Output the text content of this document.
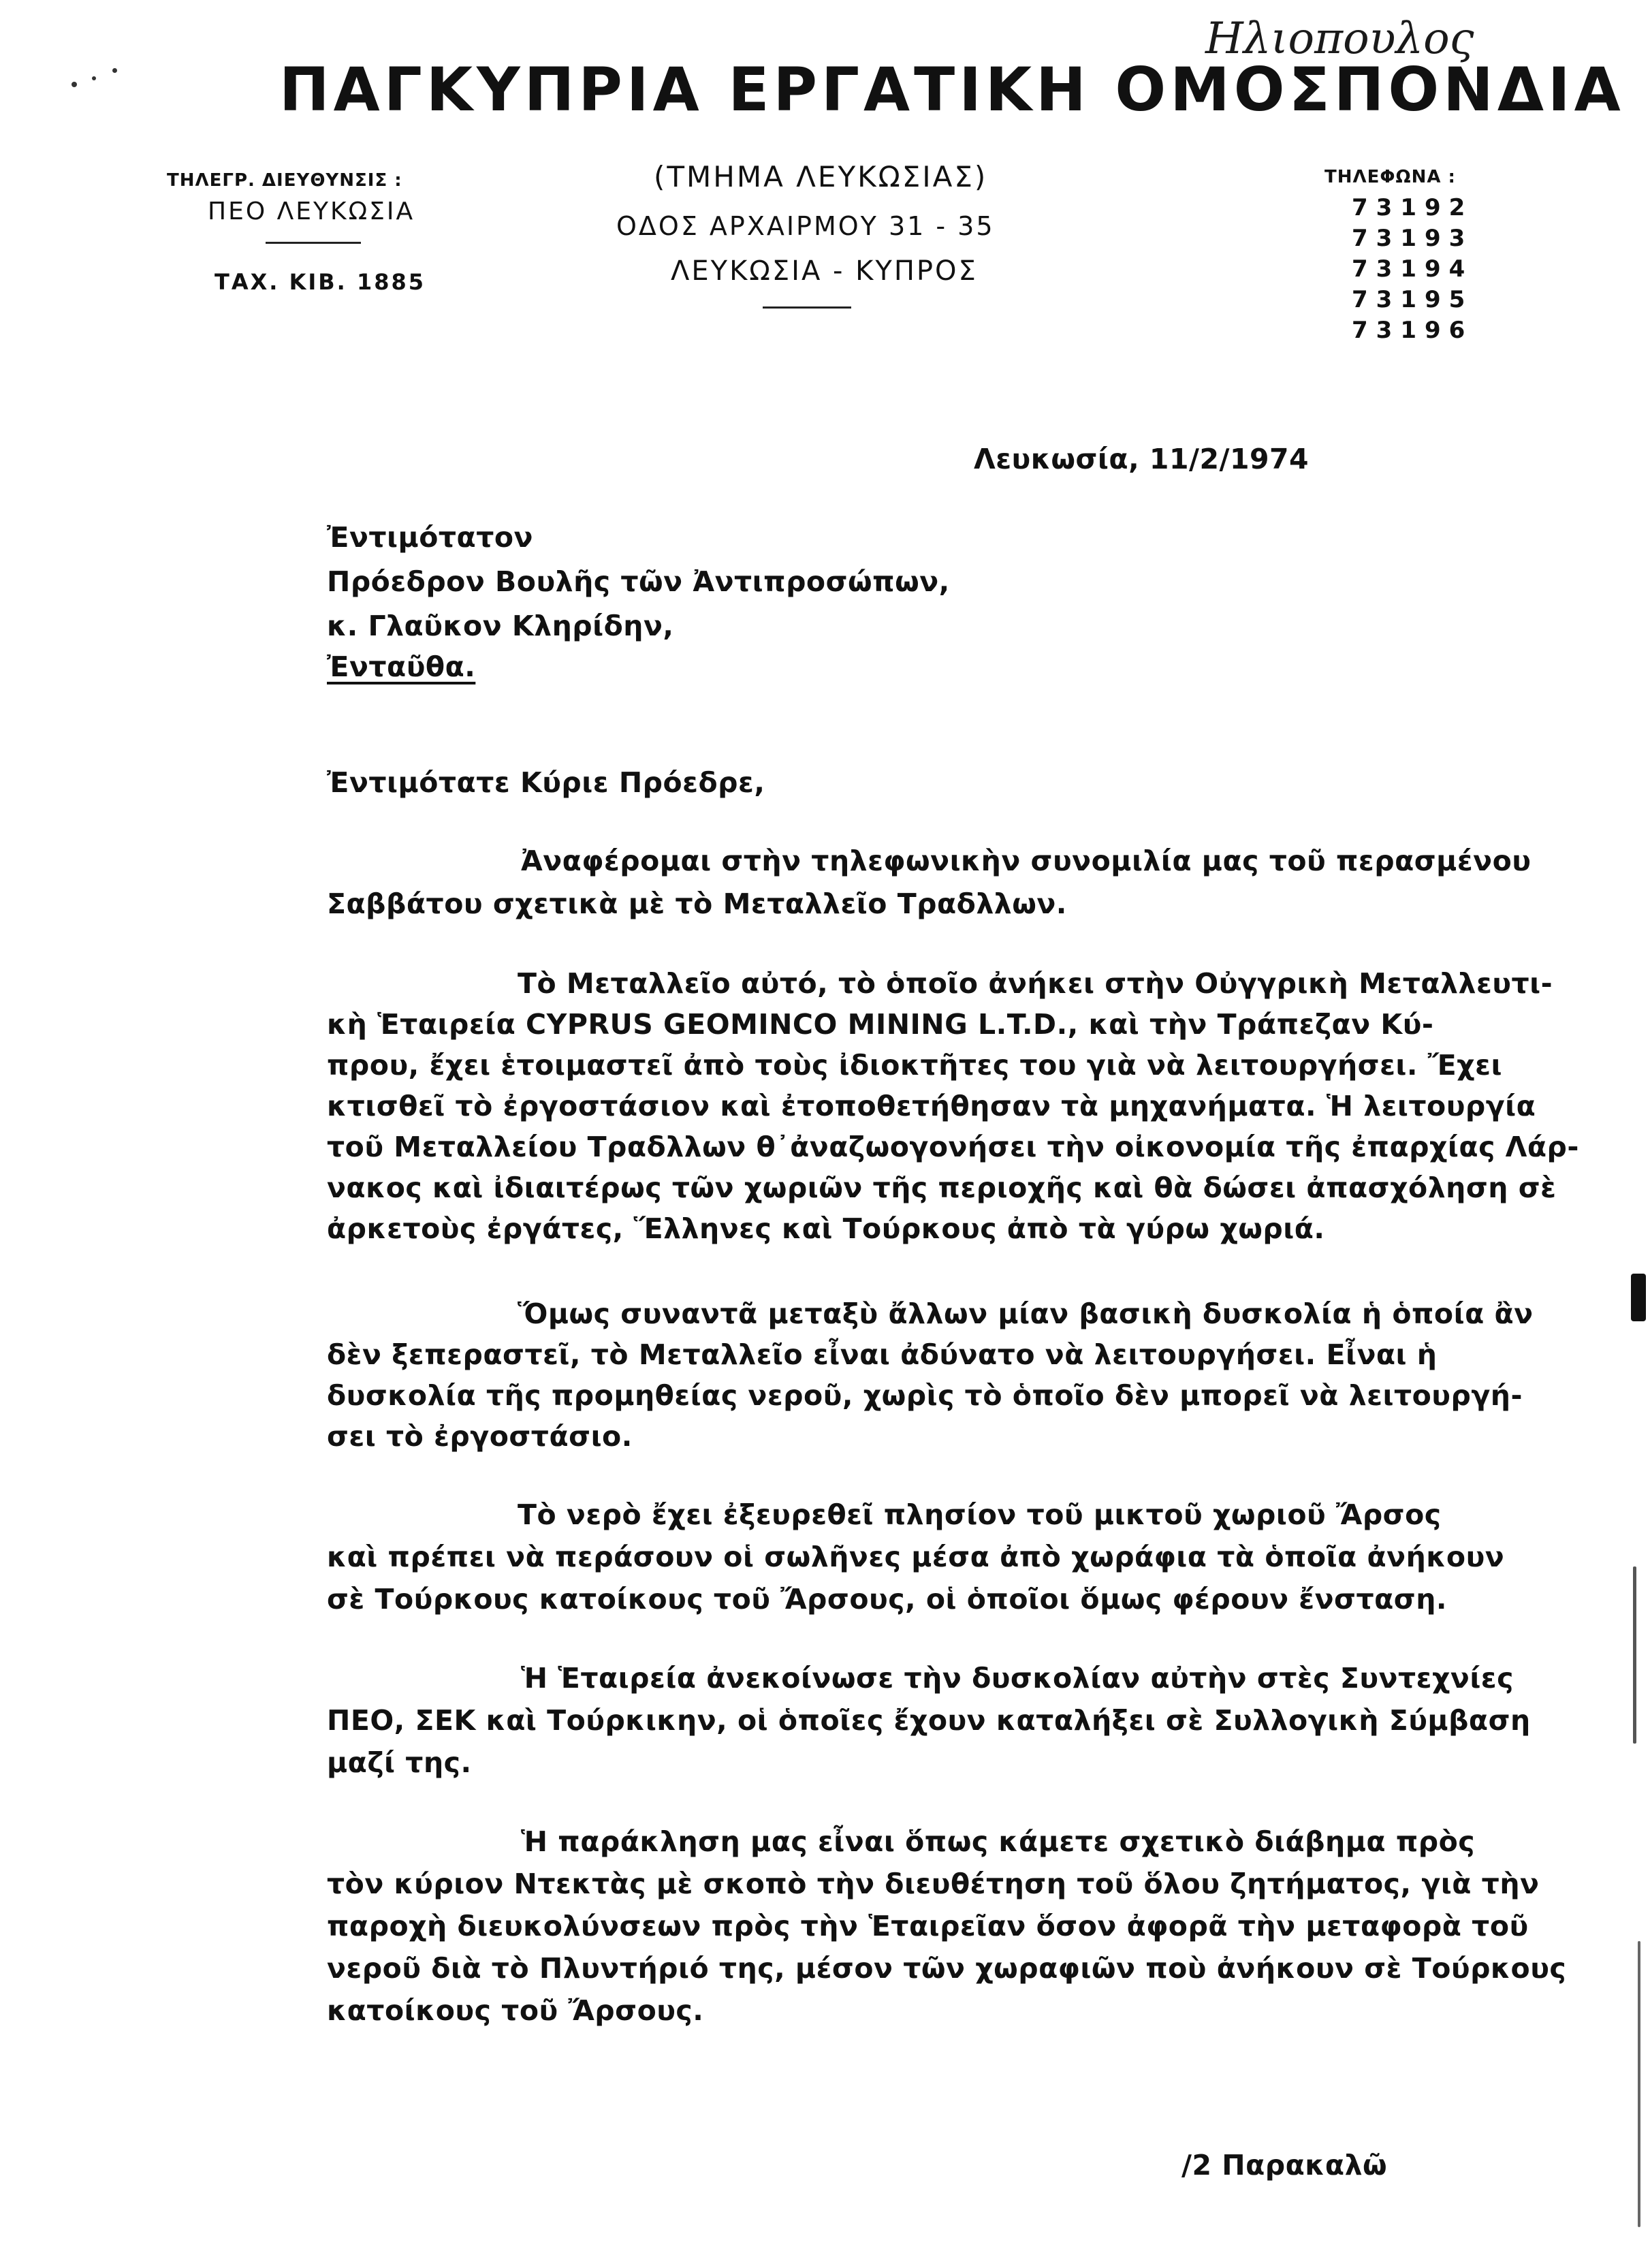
Ηλιοπουλος
ΠΑΓΚΥΠΡΙΑ ΕΡΓΑΤΙΚΗ ΟΜΟΣΠΟΝΔΙΑ
ΤΗΛΕΓΡ. ΔΙΕΥΘΥΝΣΙΣ :
ΠΕΟ ΛΕΥΚΩΣΙΑ
ΤΑΧ. ΚΙΒ. 1885
(ΤΜΗΜΑ ΛΕΥΚΩΣΙΑΣ)
ΟΔΟΣ ΑΡΧΑΙΡΜΟΥ 31 - 35
ΛΕΥΚΩΣΙΑ - ΚΥΠΡΟΣ
ΤΗΛΕΦΩΝΑ :
73192
73193
73194
73195
73196
Λευκωσία, 11/2/1974
Ἐντιμότατον
Πρόεδρον Βουλῆς τῶν Ἀντιπροσώπων,
κ. Γλαῦκον Κληρίδην,
Ἐνταῦθα.
Ἐντιμότατε Κύριε Πρόεδρε,
Ἀναφέρομαι στὴν τηλεφωνικὴν συνομιλία μας τοῦ περασμένου
Σαββάτου σχετικὰ μὲ τὸ Μεταλλεῖο Τραδλλων.
Τὸ Μεταλλεῖο αὐτό, τὸ ὁποῖο ἀνήκει στὴν Οὐγγρικὴ Μεταλλευτι-
κὴ Ἑταιρεία CYPRUS GEOMINCO MINING L.T.D., καὶ τὴν Τράπεζαν Κύ-
πρου, ἔχει ἑτοιμαστεῖ ἀπὸ τοὺς ἰδιοκτῆτες του γιὰ νὰ λειτουργήσει. Ἔχει
κτισθεῖ τὸ ἐργοστάσιον καὶ ἐτοποθετήθησαν τὰ μηχανήματα. Ἡ λειτουργία
τοῦ Μεταλλείου Τραδλλων θ᾽ἀναζωογονήσει τὴν οἰκονομία τῆς ἐπαρχίας Λάρ-
νακος καὶ ἰδιαιτέρως τῶν χωριῶν τῆς περιοχῆς καὶ θὰ δώσει ἀπασχόληση σὲ
ἀρκετοὺς ἐργάτες, Ἕλληνες καὶ Τούρκους ἀπὸ τὰ γύρω χωριά.
Ὅμως συναντᾶ μεταξὺ ἄλλων μίαν βασικὴ δυσκολία ἡ ὁποία ἂν
δὲν ξεπεραστεῖ, τὸ Μεταλλεῖο εἶναι ἀδύνατο νὰ λειτουργήσει. Εἶναι ἡ
δυσκολία τῆς προμηθείας νεροῦ, χωρὶς τὸ ὁποῖο δὲν μπορεῖ νὰ λειτουργή-
σει τὸ ἐργοστάσιο.
Τὸ νερὸ ἔχει ἐξευρεθεῖ πλησίον τοῦ μικτοῦ χωριοῦ Ἄρσος
καὶ πρέπει νὰ περάσουν οἱ σωλῆνες μέσα ἀπὸ χωράφια τὰ ὁποῖα ἀνήκουν
σὲ Τούρκους κατοίκους τοῦ Ἄρσους, οἱ ὁποῖοι ὅμως φέρουν ἔνσταση.
Ἡ Ἑταιρεία ἀνεκοίνωσε τὴν δυσκολίαν αὐτὴν στὲς Συντεχνίες
ΠΕΟ, ΣΕΚ καὶ Τούρκικην, οἱ ὁποῖες ἔχουν καταλήξει σὲ Συλλογικὴ Σύμβαση
μαζί της.
Ἡ παράκληση μας εἶναι ὅπως κάμετε σχετικὸ διάβημα πρὸς
τὸν κύριον Ντεκτὰς μὲ σκοπὸ τὴν διευθέτηση τοῦ ὅλου ζητήματος, γιὰ τὴν
παροχὴ διευκολύνσεων πρὸς τὴν Ἑταιρεῖαν ὅσον ἀφορᾶ τὴν μεταφορὰ τοῦ
νεροῦ διὰ τὸ Πλυντήριό της, μέσον τῶν χωραφιῶν ποὺ ἀνήκουν σὲ Τούρκους
κατοίκους τοῦ Ἄρσους.
/2 Παρακαλῶ
